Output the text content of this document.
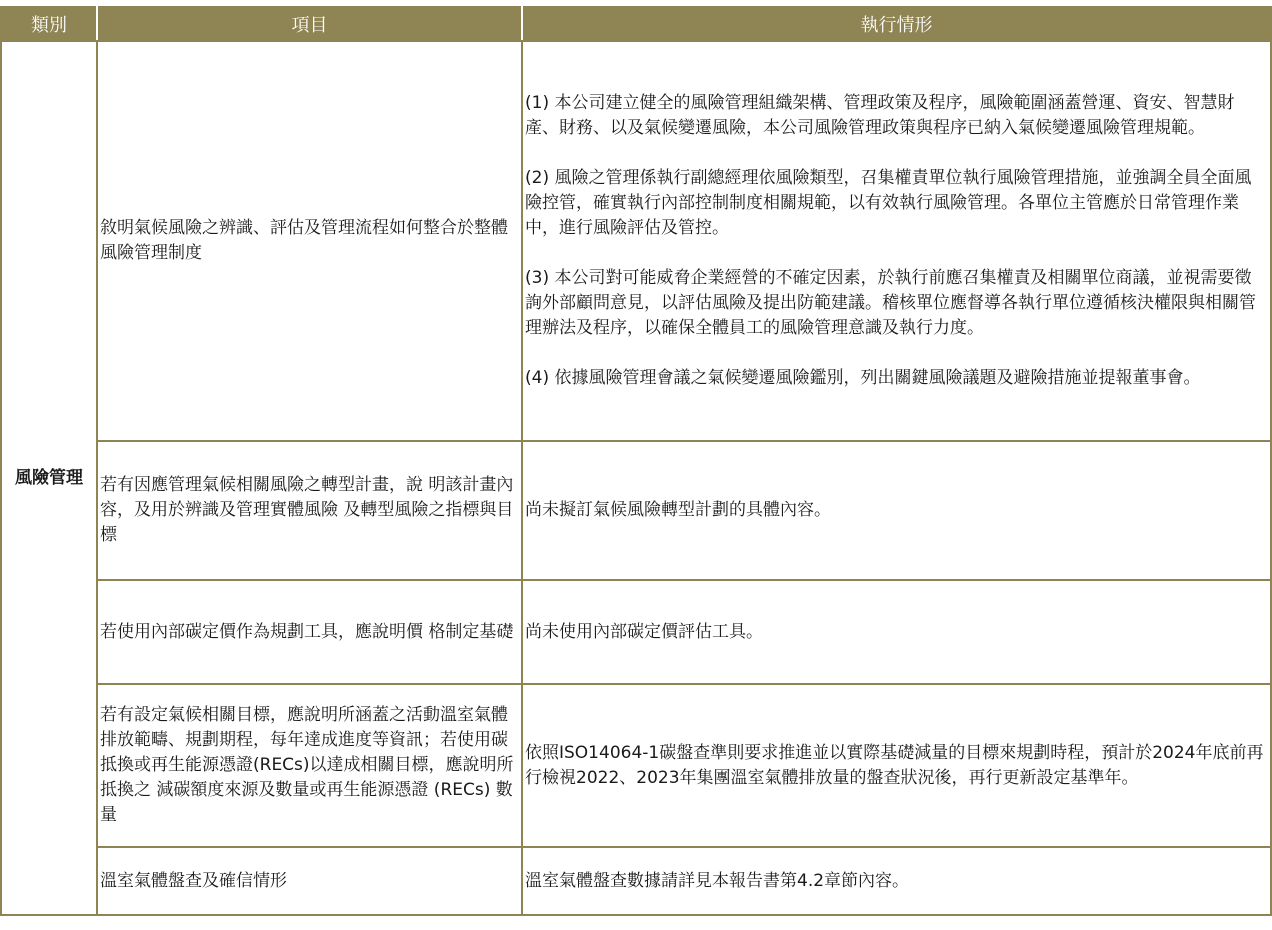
類別	項目	執行情形
風險管理	敘明氣候風險之辨識、評估及管理流程如何整合於整體風險管理制度	(1) 本公司建立健全的風險管理組織架構、管理政策及程序，風險範圍涵蓋營運、資安、智慧財產、財務、以及氣候變遷風險，本公司風險管理政策與程序已納入氣候變遷風險管理規範。

(2) 風險之管理係執行副總經理依風險類型，召集權責單位執行風險管理措施，並強調全員全面風險控管，確實執行內部控制制度相關規範，以有效執行風險管理。各單位主管應於日常管理作業中，進行風險評估及管控。

(3) 本公司對可能威脅企業經營的不確定因素，於執行前應召集權責及相關單位商議，並視需要徵詢外部顧問意見，以評估風險及提出防範建議。稽核單位應督導各執行單位遵循核決權限與相關管理辦法及程序，以確保全體員工的風險管理意識及執行力度。

(4) 依據風險管理會議之氣候變遷風險鑑別，列出關鍵風險議題及避險措施並提報董事會。

	若有因應管理氣候相關風險之轉型計畫，說 明該計畫內容，及用於辨識及管理實體風險 及轉型風險之指標與目標	尚未擬訂氣候風險轉型計劃的具體內容。

	若使用內部碳定價作為規劃工具，應說明價 格制定基礎	尚未使用內部碳定價評估工具。

	若有設定氣候相關目標，應說明所涵蓋之活動溫室氣體排放範疇、規劃期程，每年達成進度等資訊；若使用碳抵換或再生能源憑證(RECs)以達成相關目標，應說明所抵換之 減碳額度來源及數量或再生能源憑證 (RECs) 數量	依照ISO14064-1碳盤查準則要求推進並以實際基礎減量的目標來規劃時程，預計於2024年底前再行檢視2022、2023年集團溫室氣體排放量的盤查狀況後，再行更新設定基準年。

	溫室氣體盤查及確信情形	溫室氣體盤查數據請詳見本報告書第4.2章節內容。
